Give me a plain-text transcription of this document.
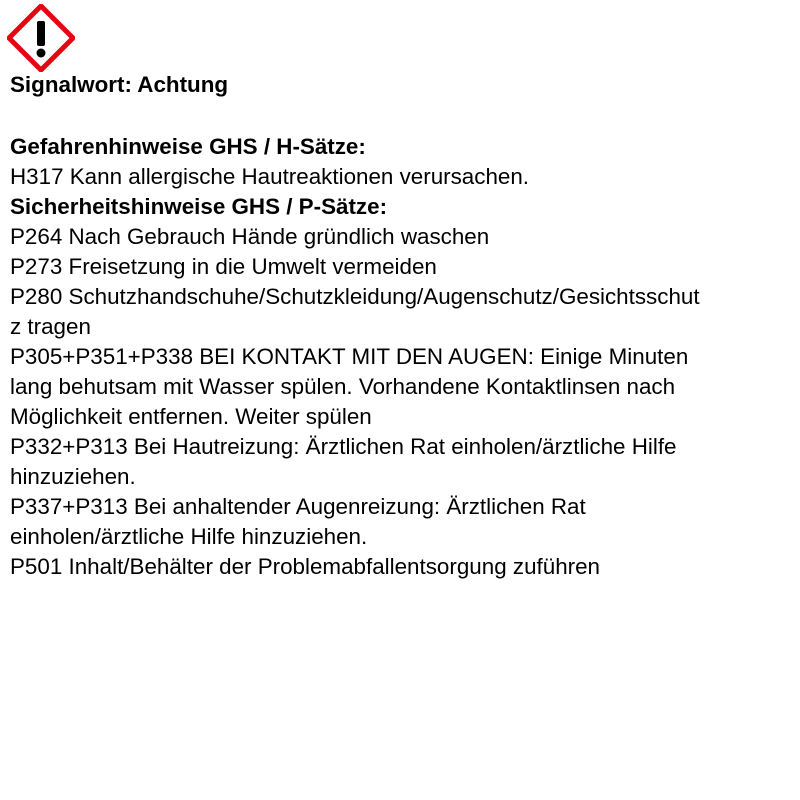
Signalwort: Achtung
Gefahrenhinweise GHS / H-Sätze:
H317 Kann allergische Hautreaktionen verursachen.
Sicherheitshinweise GHS / P-Sätze:
P264 Nach Gebrauch Hände gründlich waschen
P273 Freisetzung in die Umwelt vermeiden
P280 Schutzhandschuhe/Schutzkleidung/Augenschutz/Gesichtsschut
z tragen
P305+P351+P338 BEI KONTAKT MIT DEN AUGEN: Einige Minuten
lang behutsam mit Wasser spülen. Vorhandene Kontaktlinsen nach
Möglichkeit entfernen. Weiter spülen
P332+P313 Bei Hautreizung: Ärztlichen Rat einholen/ärztliche Hilfe
hinzuziehen.
P337+P313 Bei anhaltender Augenreizung: Ärztlichen Rat
einholen/ärztliche Hilfe hinzuziehen.
P501 Inhalt/Behälter der Problemabfallentsorgung zuführen
